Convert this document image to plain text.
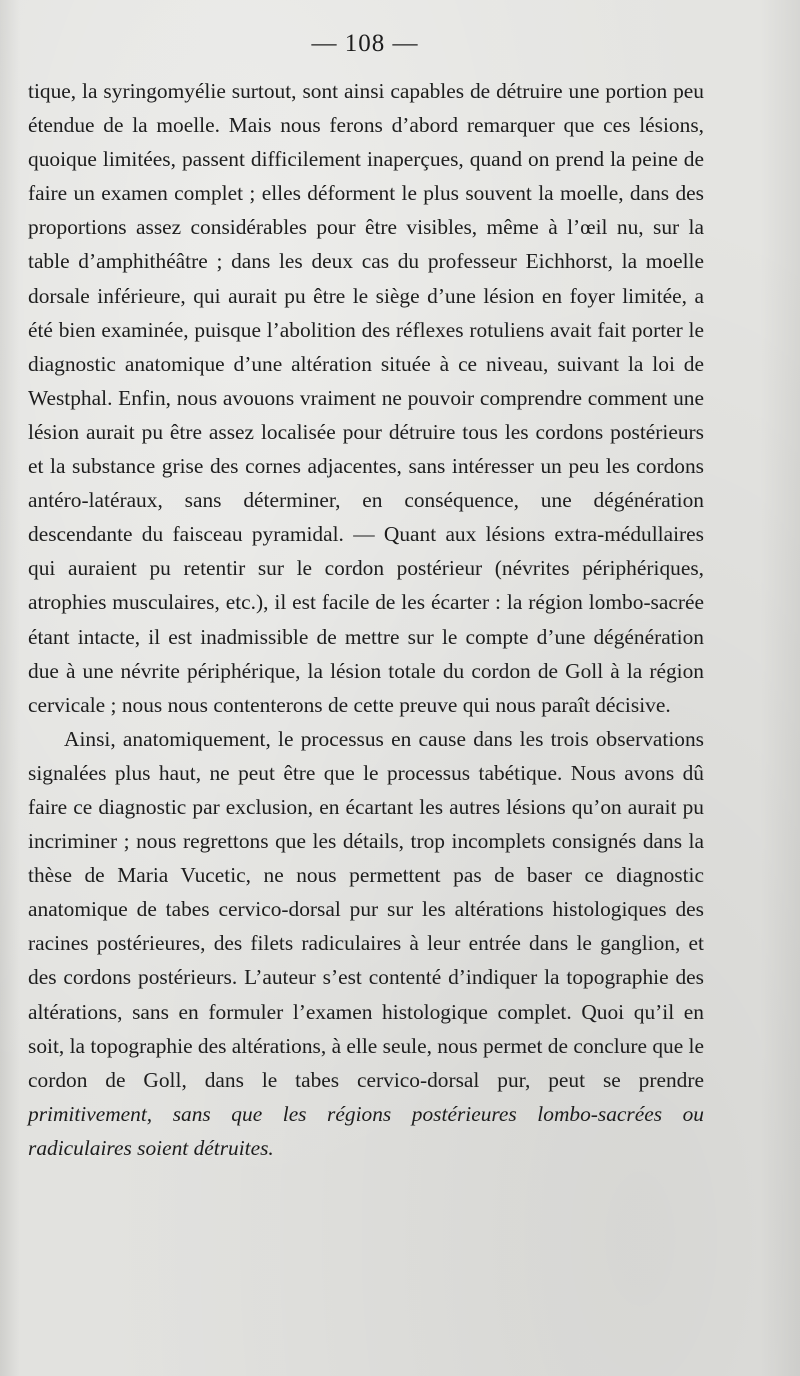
— 108 —

tique, la syringomyélie surtout, sont ainsi capables de détruire une portion peu étendue de la moelle. Mais nous ferons d’abord remarquer que ces lésions, quoique limitées, passent difficilement inaperçues, quand on prend la peine de faire un examen complet ; elles déforment le plus souvent la moelle, dans des proportions assez considérables pour être visibles, même à l’œil nu, sur la table d’amphithéâtre ; dans les deux cas du professeur Eichhorst, la moelle dorsale inférieure, qui aurait pu être le siège d’une lésion en foyer limitée, a été bien examinée, puisque l’abolition des réflexes rotuliens avait fait porter le diagnostic anatomique d’une altération située à ce niveau, suivant la loi de Westphal. Enfin, nous avouons vraiment ne pouvoir comprendre comment une lésion aurait pu être assez localisée pour détruire tous les cordons postérieurs et la substance grise des cornes adjacentes, sans intéresser un peu les cordons antéro-latéraux, sans déterminer, en conséquence, une dégénération descendante du faisceau pyramidal. — Quant aux lésions extra-médullaires qui auraient pu retentir sur le cordon postérieur (névrites périphériques, atrophies musculaires, etc.), il est facile de les écarter : la région lombo-sacrée étant intacte, il est inadmissible de mettre sur le compte d’une dégénération due à une névrite périphérique, la lésion totale du cordon de Goll à la région cervicale ; nous nous contenterons de cette preuve qui nous paraît décisive.

Ainsi, anatomiquement, le processus en cause dans les trois observations signalées plus haut, ne peut être que le processus tabétique. Nous avons dû faire ce diagnostic par exclusion, en écartant les autres lésions qu’on aurait pu incriminer ; nous regrettons que les détails, trop incomplets consignés dans la thèse de Maria Vucetic, ne nous permettent pas de baser ce diagnostic anatomique de tabes cervico-dorsal pur sur les altérations histologiques des racines postérieures, des filets radiculaires à leur entrée dans le ganglion, et des cordons postérieurs. L’auteur s’est contenté d’indiquer la topographie des altérations, sans en formuler l’examen histologique complet. Quoi qu’il en soit, la topographie des altérations, à elle seule, nous permet de conclure que le cordon de Goll, dans le tabes cervico-dorsal pur, peut se prendre primitivement, sans que les régions postérieures lombo-sacrées ou radiculaires soient détruites.
